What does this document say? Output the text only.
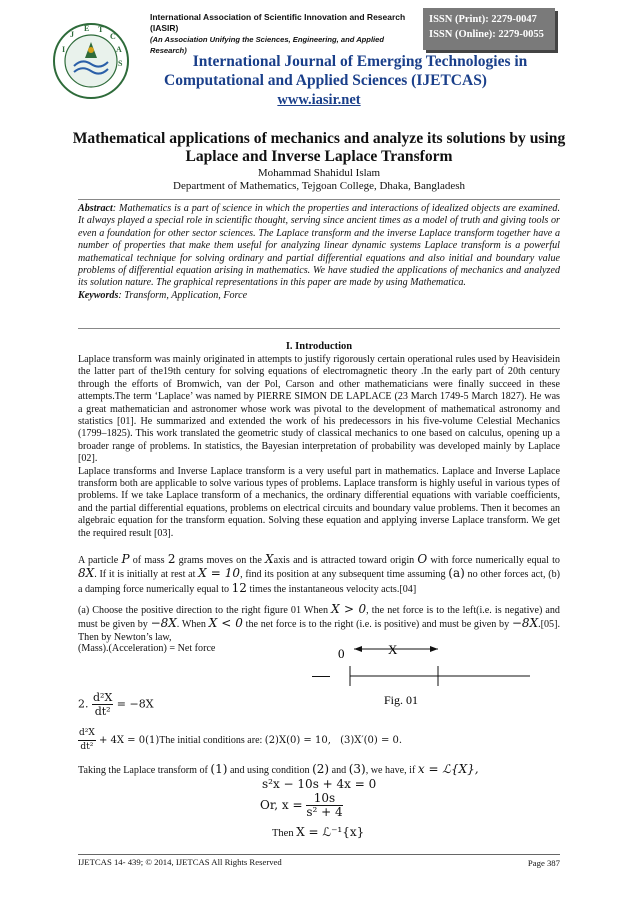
I
J
E T
C
A
S
International Association of Scientific Innovation and Research (IASIR)
(An Association Unifying the Sciences, Engineering, and Applied Research)
ISSN (Print): 2279-0047
ISSN (Online): 2279-0055
International Journal of Emerging Technologies in
Computational and Applied Sciences (IJETCAS)
www.iasir.net
Mathematical applications of mechanics and analyze its solutions by using Laplace and Inverse Laplace Transform
Mohammad Shahidul Islam
Department of Mathematics, Tejgoan College, Dhaka, Bangladesh
Abstract: Mathematics is a part of science in which the properties and interactions of idealized objects are examined. It always played a special role in scientific thought, serving since ancient times as a model of truth and giving tools or even a foundation for other sector sciences. The Laplace transform and the inverse Laplace transform together have a number of properties that make them useful for analyzing linear dynamic systems Laplace transform is a powerful mathematical technique for solving ordinary and partial differential equations and also initial and boundary value problems of differential equation arising in mathematics. We have studied the applications of mechanics and analyzed its solution nature. The graphical representations in this paper are made by using Mathematica.
Keywords: Transform, Application, Force
I. Introduction

Laplace transform was mainly originated in attempts to justify rigorously certain operational rules used by Heavisidein the latter part of the19th century for solving equations of electromagnetic theory .In the early part of 20th century through the efforts of Bromwich, van der Pol, Carson and other mathematicians were finally succeed in these attempts.The term ‘Laplace’ was named by PIERRE SIMON DE LAPLACE (23 March 1749-5 March 1827). He was a great mathematician and astronomer whose work was pivotal to the development of mathematical astronomy and statistics [01]. He summarized and extended the work of his predecessors in his five-volume Celestial Mechanics (1799–1825). This work translated the geometric study of classical mechanics to one based on calculus, opening up a broader range of problems. In statistics, the Bayesian interpretation of probability was developed mainly by Laplace [02].

Laplace transforms and Inverse Laplace transform is a very useful part in mathematics. Laplace and Inverse Laplace transform both are applicable to solve various types of problems. Laplace transform is highly useful in various types of problems. If we take Laplace transform of a mechanics, the ordinary differential equations with variable coefficients, and the partial differential equations, problems on electrical circuits and boundary value problems. Then it becomes an algebraic equation for the transform equation. Solving these equation and applying inverse Laplace transform. We get the required result [03].

A particle P of mass 2 grams moves on the Xaxis and is attracted toward origin O with force numerically equal to 8X. If it is initially at rest at X = 10, find its position at any subsequent time assuming (a) no other forces act, (b) a damping force numerically equal to 12 times the instantaneous velocity acts.[04]

(a) Choose the positive direction to the right figure 01 When X > 0, the net force is to the left(i.e. is negative) and must be given by −8X. When X < 0 the net force is to the right (i.e. is positive) and must be given by −8X.[05]. Then by Newton’s law,

(Mass).(Acceleration) = Net force	0	X
Fig. 01
2. $\frac{\text{d²X}}{\text{dt²}} = -8X$
$\frac{\text{d²X}}{\text{dt²}} + 4X = 0(1)The$ initial conditions are: (2)X(0) = 10, (3)X′(0) = 0.
Taking the Laplace transform of (1) and using condition (2) and (3), we have, if x = ℒ{X},
s²x − 10s + 4x = 0
Or, $x = \frac{10s}{\text{s² + 4}}$
Then X = ℒ⁻¹{x}
IJETCAS 14- 439; © 2014, IJETCAS All Rights Reserved	Page 387
